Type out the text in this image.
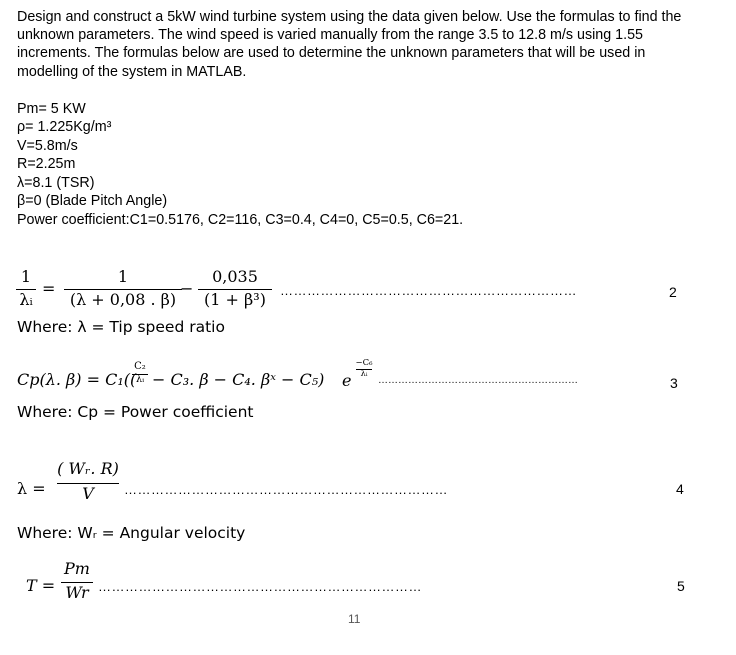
Design and construct a 5kW wind turbine system using the data given below. Use the formulas to find the unknown parameters. The wind speed is varied manually from the range 3.5 to 12.8 m/s using 1.55 increments. The formulas below are used to determine the unknown parameters that will be used in modelling of the system in MATLAB.

Pm= 5 KW
ρ= 1.225Kg/m³
V=5.8m/s
R=2.25m
λ=8.1 (TSR)
β=0 (Blade Pitch Angle)
Power coefficient:C1=0.5176, C2=116, C3=0.4, C4=0, C5=0.5, C6=21.
1
λᵢ
=
1
(λ + 0,08 . β)
−
0,035
(1 + β³)	…………………………………………………………	2
Where: λ = Tip speed ratio
Cp(λ. β) = C₁((
C₂
λᵢ − C₃. β − C₄. βˣ − C₅) e
−C₆
λᵢ
……………………………………………………	3
Where: Cp = Power coefficient
λ =
( Wᵣ. R)
V	………………………………………………………………	4
Where: Wᵣ = Angular velocity
T =
Pm
Wr ………………………………………………………………	5
11
